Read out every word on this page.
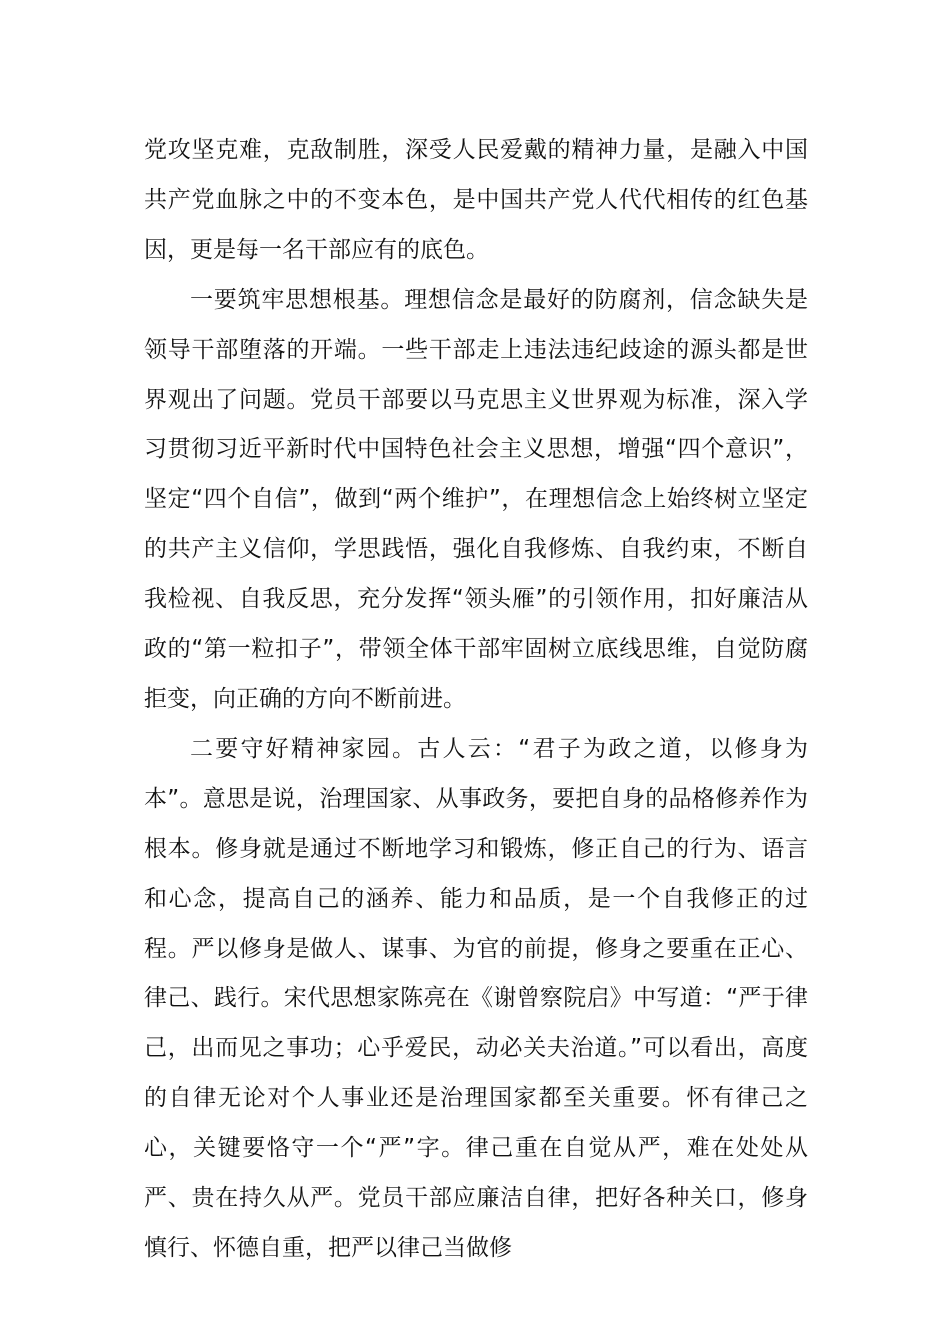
党攻坚克难，克敌制胜，深受人民爱戴的精神力量，是融入中国共产党血脉之中的不变本色，是中国共产党人代代相传的红色基因，更是每一名干部应有的底色。

一要筑牢思想根基。理想信念是最好的防腐剂，信念缺失是领导干部堕落的开端。一些干部走上违法违纪歧途的源头都是世界观出了问题。党员干部要以马克思主义世界观为标准，深入学习贯彻习近平新时代中国特色社会主义思想，增强“四个意识”，坚定“四个自信”，做到“两个维护”，在理想信念上始终树立坚定的共产主义信仰，学思践悟，强化自我修炼、自我约束，不断自我检视、自我反思，充分发挥“领头雁”的引领作用，扣好廉洁从政的“第一粒扣子”，带领全体干部牢固树立底线思维，自觉防腐拒变，向正确的方向不断前进。

二要守好精神家园。古人云：“君子为政之道，以修身为本”。意思是说，治理国家、从事政务，要把自身的品格修养作为根本。修身就是通过不断地学习和锻炼，修正自己的行为、语言和心念，提高自己的涵养、能力和品质，是一个自我修正的过程。严以修身是做人、谋事、为官的前提，修身之要重在正心、律己、践行。宋代思想家陈亮在《谢曾察院启》中写道：“严于律己，出而见之事功；心乎爱民，动必关夫治道。”可以看出，高度的自律无论对个人事业还是治理国家都至关重要。怀有律己之心，关键要恪守一个“严”字。律己重在自觉从严，难在处处从严、贵在持久从严。党员干部应廉洁自律，把好各种关口，修身慎行、怀德自重，把严以律己当做修
